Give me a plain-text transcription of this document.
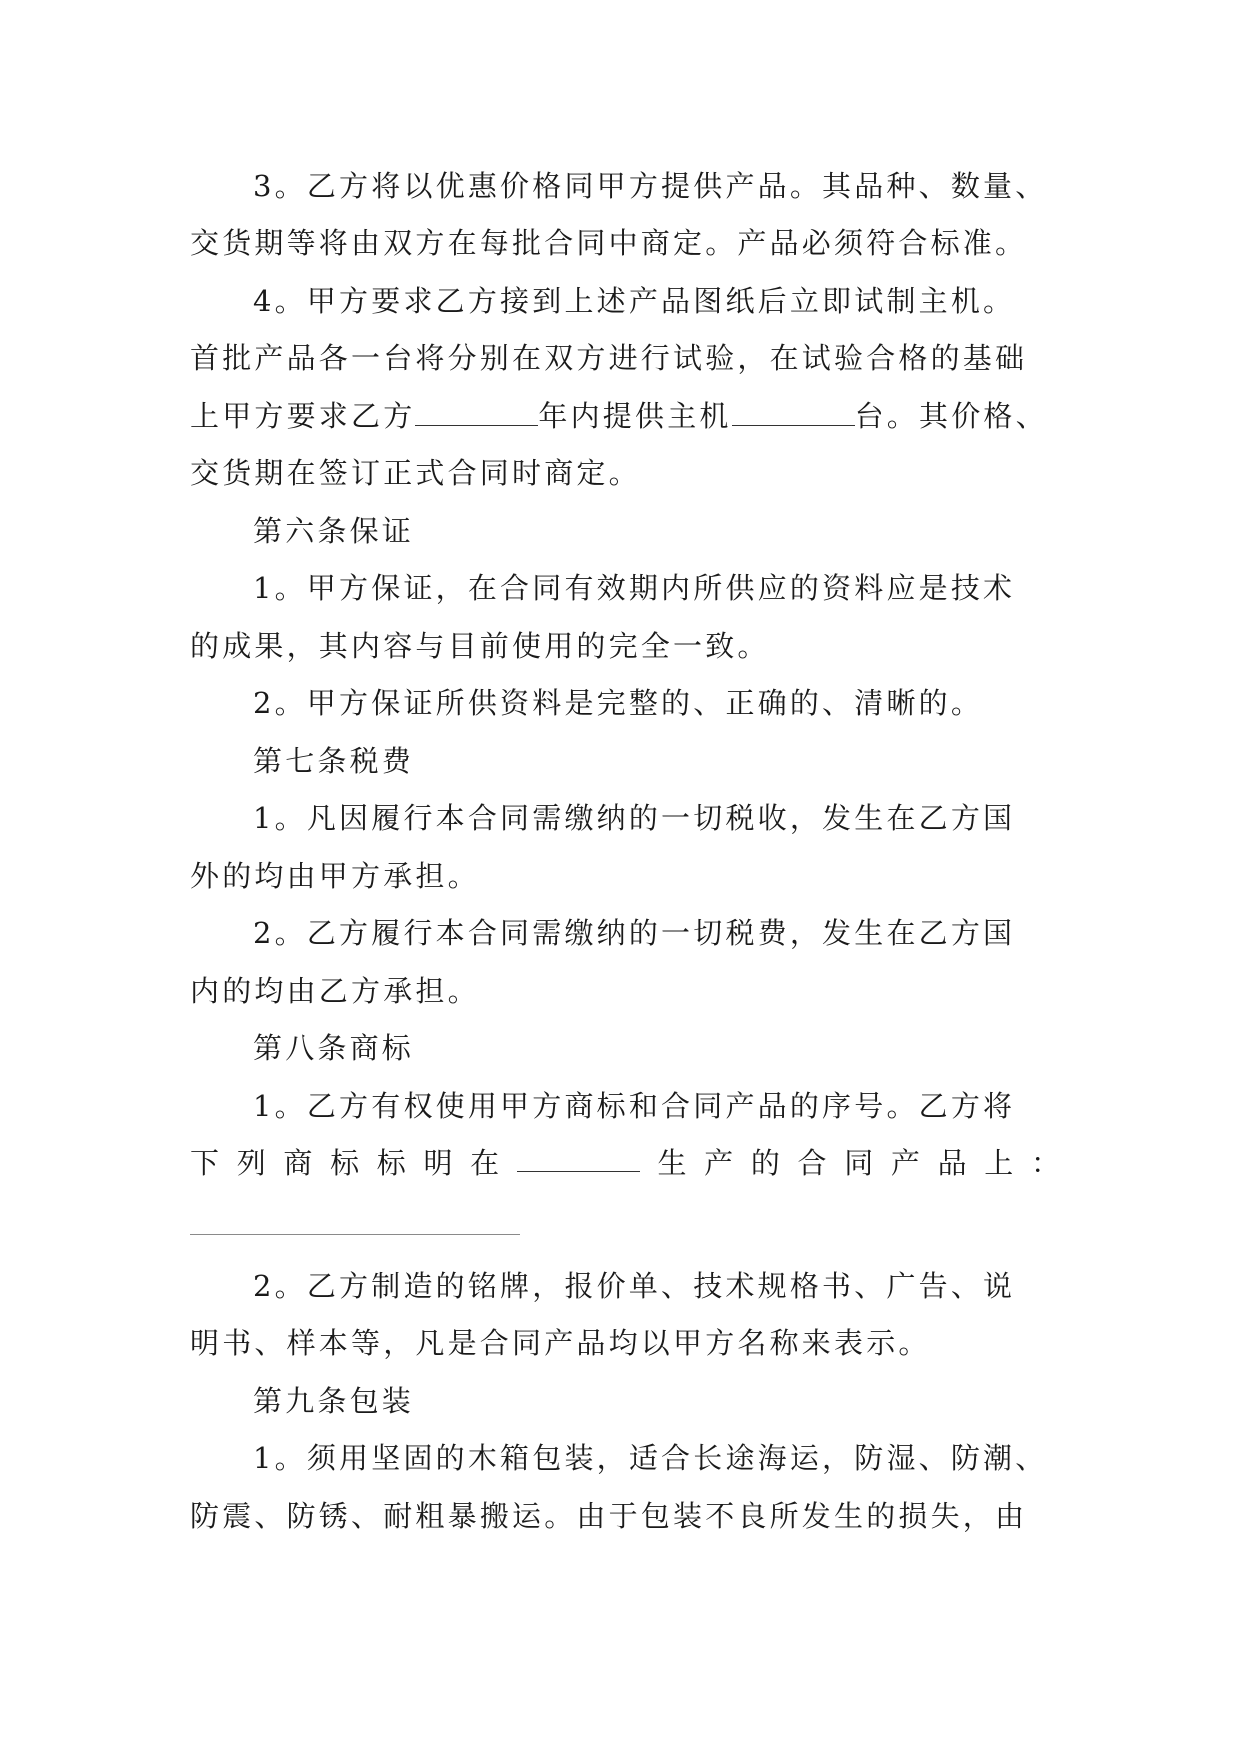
3。乙方将以优惠价格同甲方提供产品。其品种、数量、
交货期等将由双方在每批合同中商定。产品必须符合标准。
4。甲方要求乙方接到上述产品图纸后立即试制主机。
首批产品各一台将分别在双方进行试验，在试验合格的基础
上甲方要求乙方	年内提供主机	台。其价格、
交货期在签订正式合同时商定。
第六条保证
1。甲方保证，在合同有效期内所供应的资料应是技术
的成果，其内容与目前使用的完全一致。
2。甲方保证所供资料是完整的、正确的、清晰的。
第七条税费
1。凡因履行本合同需缴纳的一切税收，发生在乙方国
外的均由甲方承担。
2。乙方履行本合同需缴纳的一切税费，发生在乙方国
内的均由乙方承担。
第八条商标
1。乙方有权使用甲方商标和合同产品的序号。乙方将
下 列 商 标 标 明 在	生 产 的 合 同 产 品 上 ：
2。乙方制造的铭牌，报价单、技术规格书、广告、说
明书、样本等，凡是合同产品均以甲方名称来表示。
第九条包装
1。须用坚固的木箱包装，适合长途海运，防湿、防潮、
防震、防锈、耐粗暴搬运。由于包装不良所发生的损失，由
